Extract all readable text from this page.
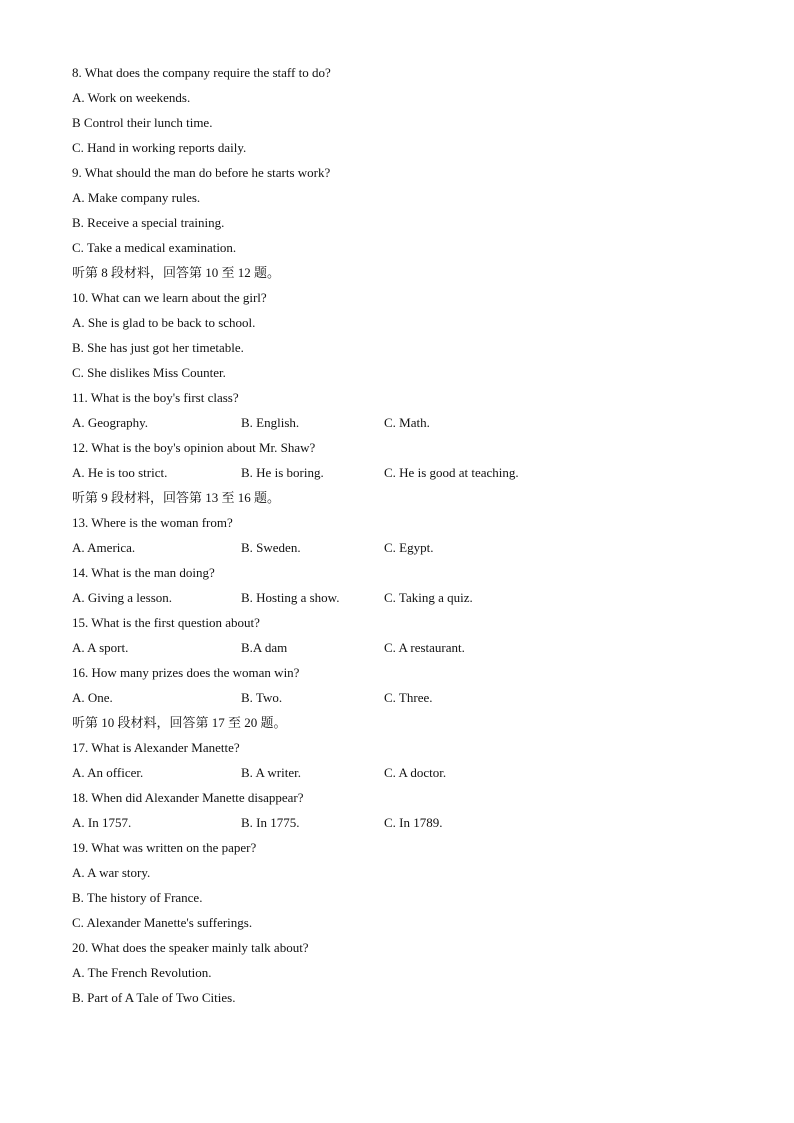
8. What does the company require the staff to do?
A. Work on weekends.
B Control their lunch time.
C. Hand in working reports daily.
9. What should the man do before he starts work?
A. Make company rules.
B. Receive a special training.
C. Take a medical examination.
听第 8 段材料，回答第 10 至 12 题。
10. What can we learn about the girl?
A. She is glad to be back to school.
B. She has just got her timetable.
C. She dislikes Miss Counter.
11. What is the boy's first class?
A. Geography.	B. English.	C. Math.
12. What is the boy's opinion about Mr. Shaw?
A. He is too strict.	B. He is boring.	C. He is good at teaching.
听第 9 段材料，回答第 13 至 16 题。
13. Where is the woman from?
A. America.	B. Sweden.	C. Egypt.
14. What is the man doing?
A. Giving a lesson.	B. Hosting a show.	C. Taking a quiz.
15. What is the first question about?
A. A sport.	B.A dam	C. A restaurant.
16. How many prizes does the woman win?
A. One.	B. Two.	C. Three.
听第 10 段材料，回答第 17 至 20 题。
17. What is Alexander Manette?
A. An officer.	B. A writer.	C. A doctor.
18. When did Alexander Manette disappear?
A. In 1757.	B. In 1775.	C. In 1789.
19. What was written on the paper?
A. A war story.
B. The history of France.
C. Alexander Manette's sufferings.
20. What does the speaker mainly talk about?
A. The French Revolution.
B. Part of A Tale of Two Cities.
